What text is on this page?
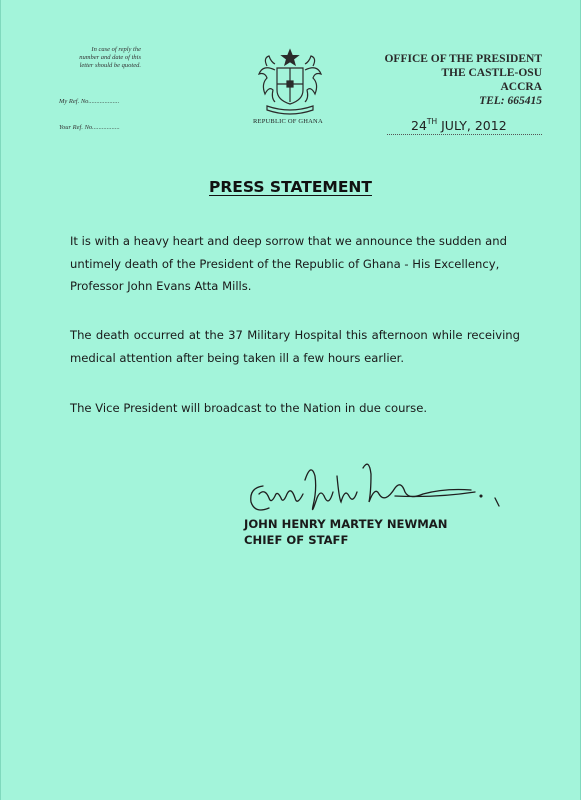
In case of reply the
number and date of this
letter should be quoted.
My Ref. No...................
Your Ref. No.................
REPUBLIC OF GHANA
OFFICE OF THE PRESIDENT
THE CASTLE-OSU
ACCRA
TEL: 665415
24TH JULY, 2012
PRESS STATEMENT
It is with a heavy heart and deep sorrow that we announce the sudden and untimely death of the President of the Republic of Ghana - His Excellency, Professor John Evans Atta Mills.
The death occurred at the 37 Military Hospital this afternoon while receiving medical attention after being taken ill a few hours earlier.
The Vice President will broadcast to the Nation in due course.
JOHN HENRY MARTEY NEWMAN
CHIEF OF STAFF
